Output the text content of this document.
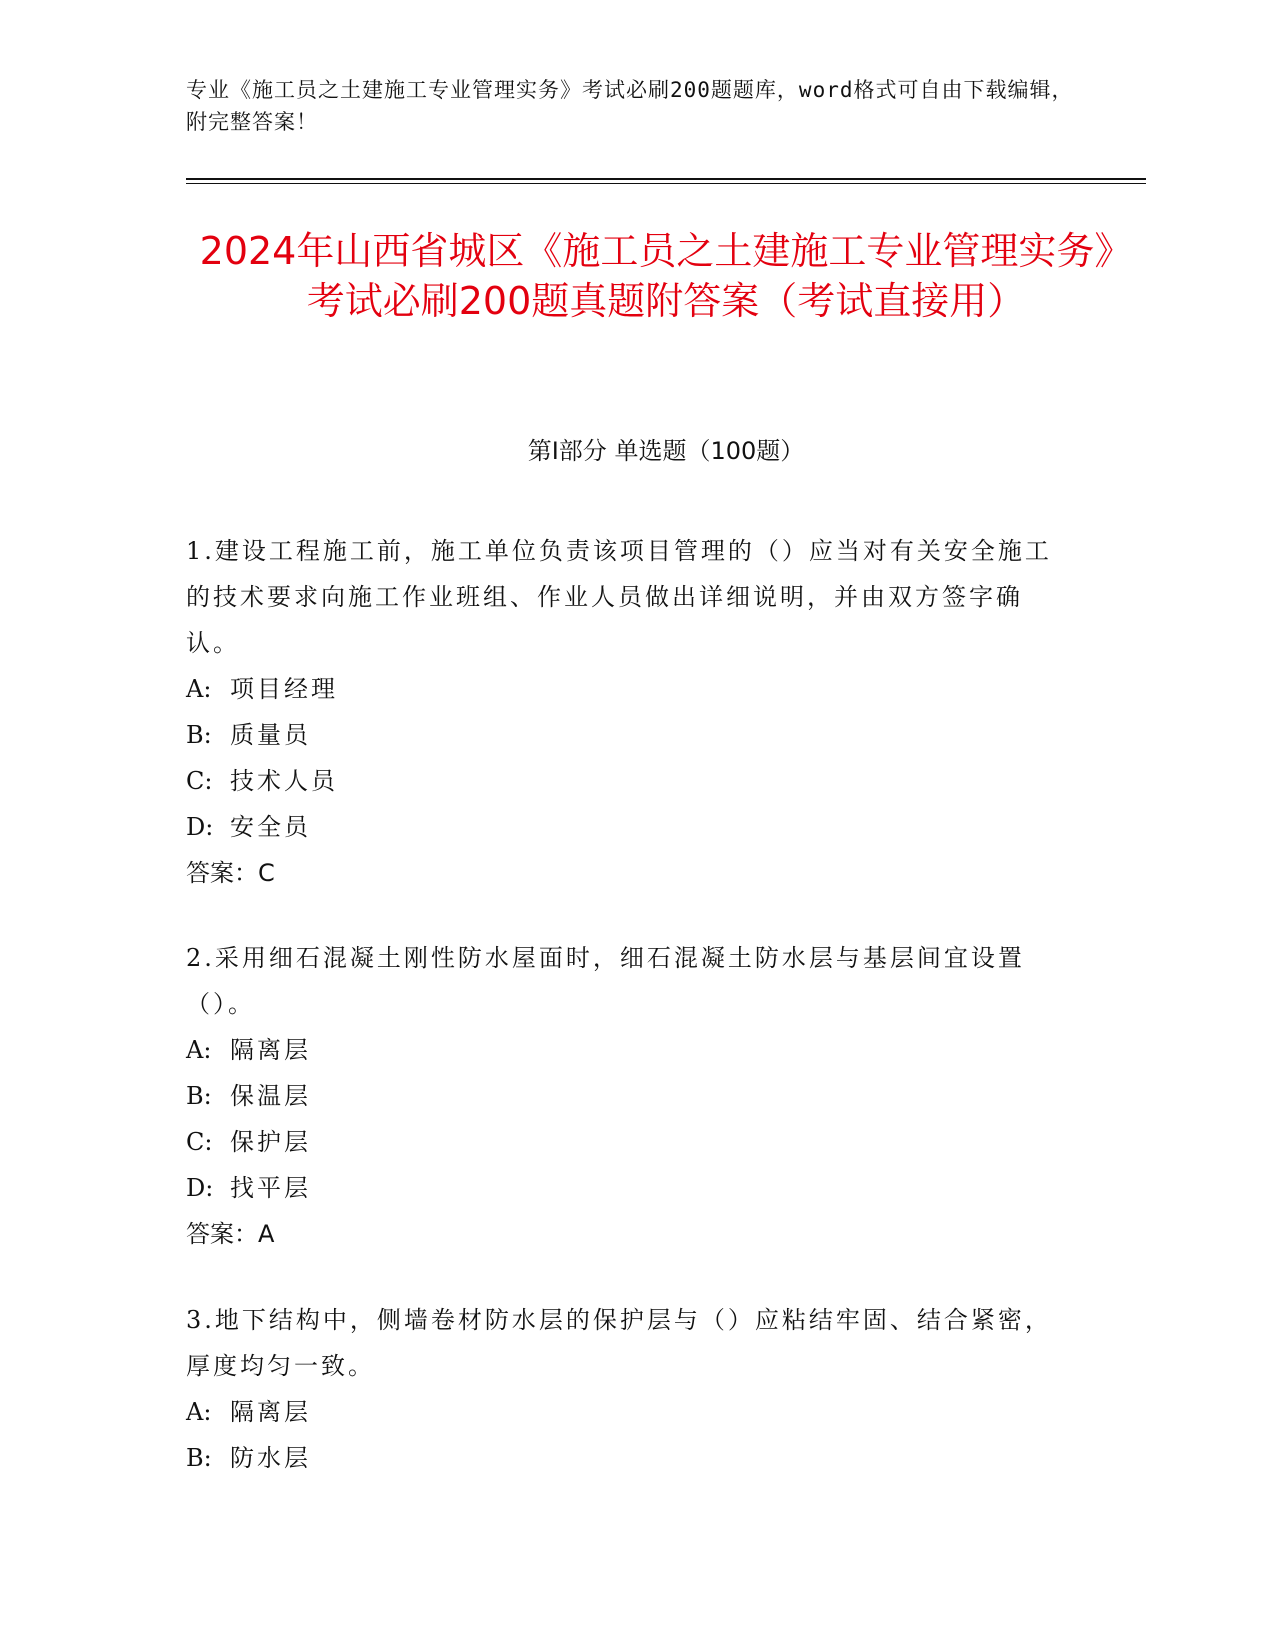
专业《施工员之土建施工专业管理实务》考试必刷200题题库，word格式可自由下载编辑，附完整答案！
2024年山西省城区《施工员之土建施工专业管理实务》考试必刷200题真题附答案（考试直接用）
第I部分 单选题（100题）
1.建设工程施工前，施工单位负责该项目管理的（）应当对有关安全施工的技术要求向施工作业班组、作业人员做出详细说明，并由双方签字确认。
A: 项目经理
B: 质量员
C: 技术人员
D: 安全员
答案：C
2.采用细石混凝土刚性防水屋面时，细石混凝土防水层与基层间宜设置（）。
A: 隔离层
B: 保温层
C: 保护层
D: 找平层
答案：A
3.地下结构中，侧墙卷材防水层的保护层与（）应粘结牢固、结合紧密，厚度均匀一致。
A: 隔离层
B: 防水层
